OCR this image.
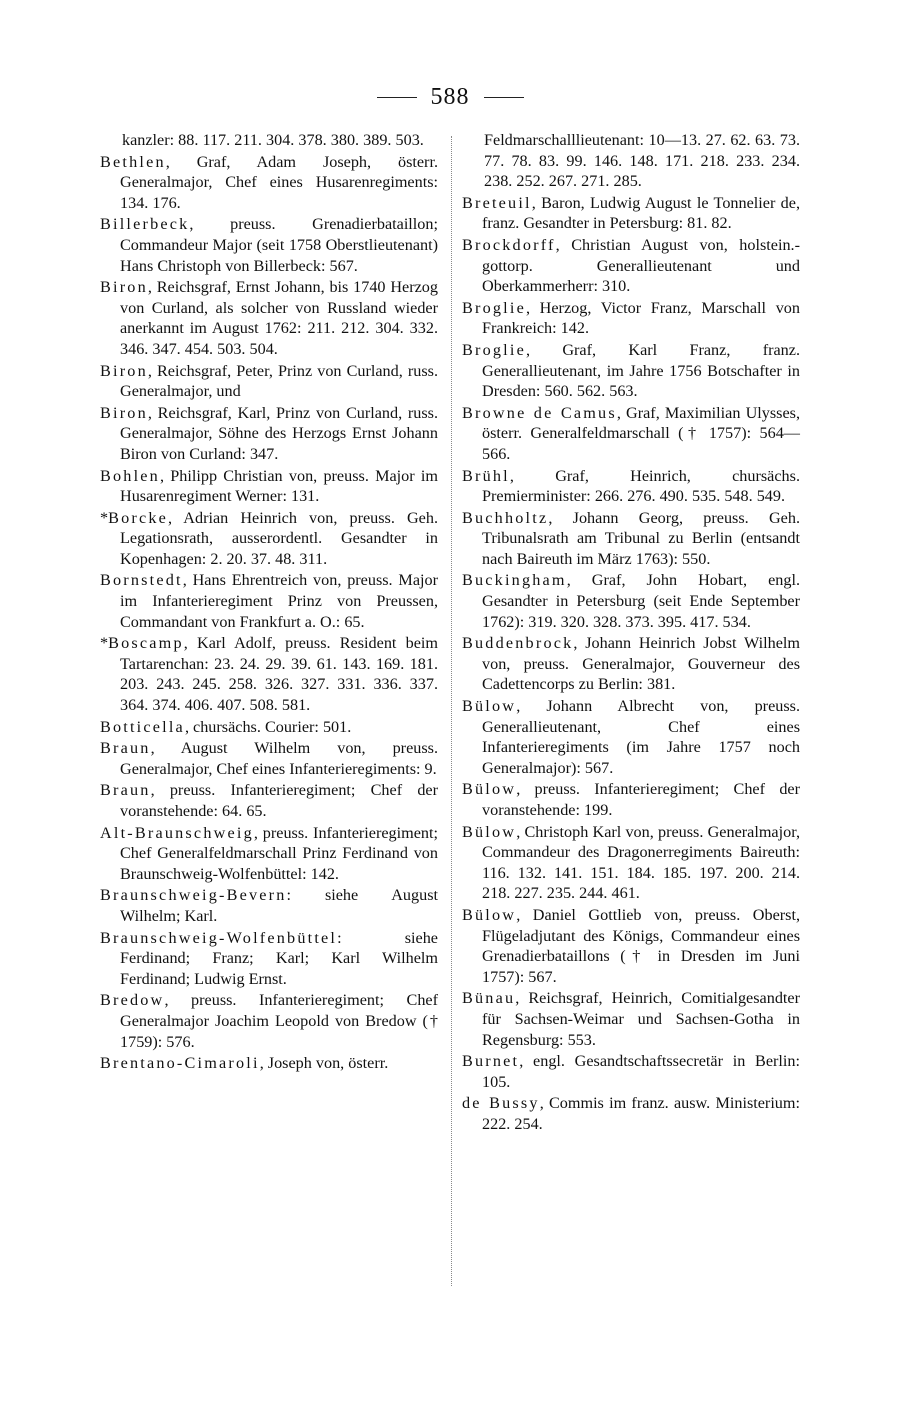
588

kanzler: 88. 117. 211. 304. 378. 380. 389. 503.

Bethlen, Graf, Adam Joseph, österr. Generalmajor, Chef eines Husarenregiments: 134. 176.

Billerbeck, preuss. Grenadierbataillon; Commandeur Major (seit 1758 Oberstlieutenant) Hans Christoph von Billerbeck: 567.

Biron, Reichsgraf, Ernst Johann, bis 1740 Herzog von Curland, als solcher von Russland wieder anerkannt im August 1762: 211. 212. 304. 332. 346. 347. 454. 503. 504.

Biron, Reichsgraf, Peter, Prinz von Curland, russ. Generalmajor, und

Biron, Reichsgraf, Karl, Prinz von Curland, russ. Generalmajor, Söhne des Herzogs Ernst Johann Biron von Curland: 347.

Bohlen, Philipp Christian von, preuss. Major im Husarenregiment Werner: 131.

*Borcke, Adrian Heinrich von, preuss. Geh. Legationsrath, ausserordentl. Gesandter in Kopenhagen: 2. 20. 37. 48. 311.

Bornstedt, Hans Ehrentreich von, preuss. Major im Infanterieregiment Prinz von Preussen, Commandant von Frankfurt a. O.: 65.

*Boscamp, Karl Adolf, preuss. Resident beim Tartarenchan: 23. 24. 29. 39. 61. 143. 169. 181. 203. 243. 245. 258. 326. 327. 331. 336. 337. 364. 374. 406. 407. 508. 581.

Botticella, chursächs. Courier: 501.

Braun, August Wilhelm von, preuss. Generalmajor, Chef eines Infanterieregiments: 9.

Braun, preuss. Infanterieregiment; Chef der voranstehende: 64. 65.

Alt-Braunschweig, preuss. Infanterieregiment; Chef Generalfeldmarschall Prinz Ferdinand von Braunschweig-Wolfenbüttel: 142.

Braunschweig-Bevern: siehe August Wilhelm; Karl.

Braunschweig-Wolfenbüttel: siehe Ferdinand; Franz; Karl; Karl Wilhelm Ferdinand; Ludwig Ernst.

Bredow, preuss. Infanterieregiment; Chef Generalmajor Joachim Leopold von Bredow († 1759): 576.

Brentano-Cimaroli, Joseph von, österr.

Feldmarschalllieutenant: 10—13. 27. 62. 63. 73. 77. 78. 83. 99. 146. 148. 171. 218. 233. 234. 238. 252. 267. 271. 285.

Breteuil, Baron, Ludwig August le Tonnelier de, franz. Gesandter in Petersburg: 81. 82.

Brockdorff, Christian August von, holstein.-gottorp. Generallieutenant und Oberkammerherr: 310.

Broglie, Herzog, Victor Franz, Marschall von Frankreich: 142.

Broglie, Graf, Karl Franz, franz. Generallieutenant, im Jahre 1756 Botschafter in Dresden: 560. 562. 563.

Browne de Camus, Graf, Maximilian Ulysses, österr. Generalfeldmarschall († 1757): 564—566.

Brühl, Graf, Heinrich, chursächs. Premierminister: 266. 276. 490. 535. 548. 549.

Buchholtz, Johann Georg, preuss. Geh. Tribunalsrath am Tribunal zu Berlin (entsandt nach Baireuth im März 1763): 550.

Buckingham, Graf, John Hobart, engl. Gesandter in Petersburg (seit Ende September 1762): 319. 320. 328. 373. 395. 417. 534.

Buddenbrock, Johann Heinrich Jobst Wilhelm von, preuss. Generalmajor, Gouverneur des Cadettencorps zu Berlin: 381.

Bülow, Johann Albrecht von, preuss. Generallieutenant, Chef eines Infanterieregiments (im Jahre 1757 noch Generalmajor): 567.

Bülow, preuss. Infanterieregiment; Chef der voranstehende: 199.

Bülow, Christoph Karl von, preuss. Generalmajor, Commandeur des Dragonerregiments Baireuth: 116. 132. 141. 151. 184. 185. 197. 200. 214. 218. 227. 235. 244. 461.

Bülow, Daniel Gottlieb von, preuss. Oberst, Flügeladjutant des Königs, Commandeur eines Grenadierbataillons († in Dresden im Juni 1757): 567.

Bünau, Reichsgraf, Heinrich, Comitialgesandter für Sachsen-Weimar und Sachsen-Gotha in Regensburg: 553.

Burnet, engl. Gesandtschaftssecretär in Berlin: 105.

de Bussy, Commis im franz. ausw. Ministerium: 222. 254.
